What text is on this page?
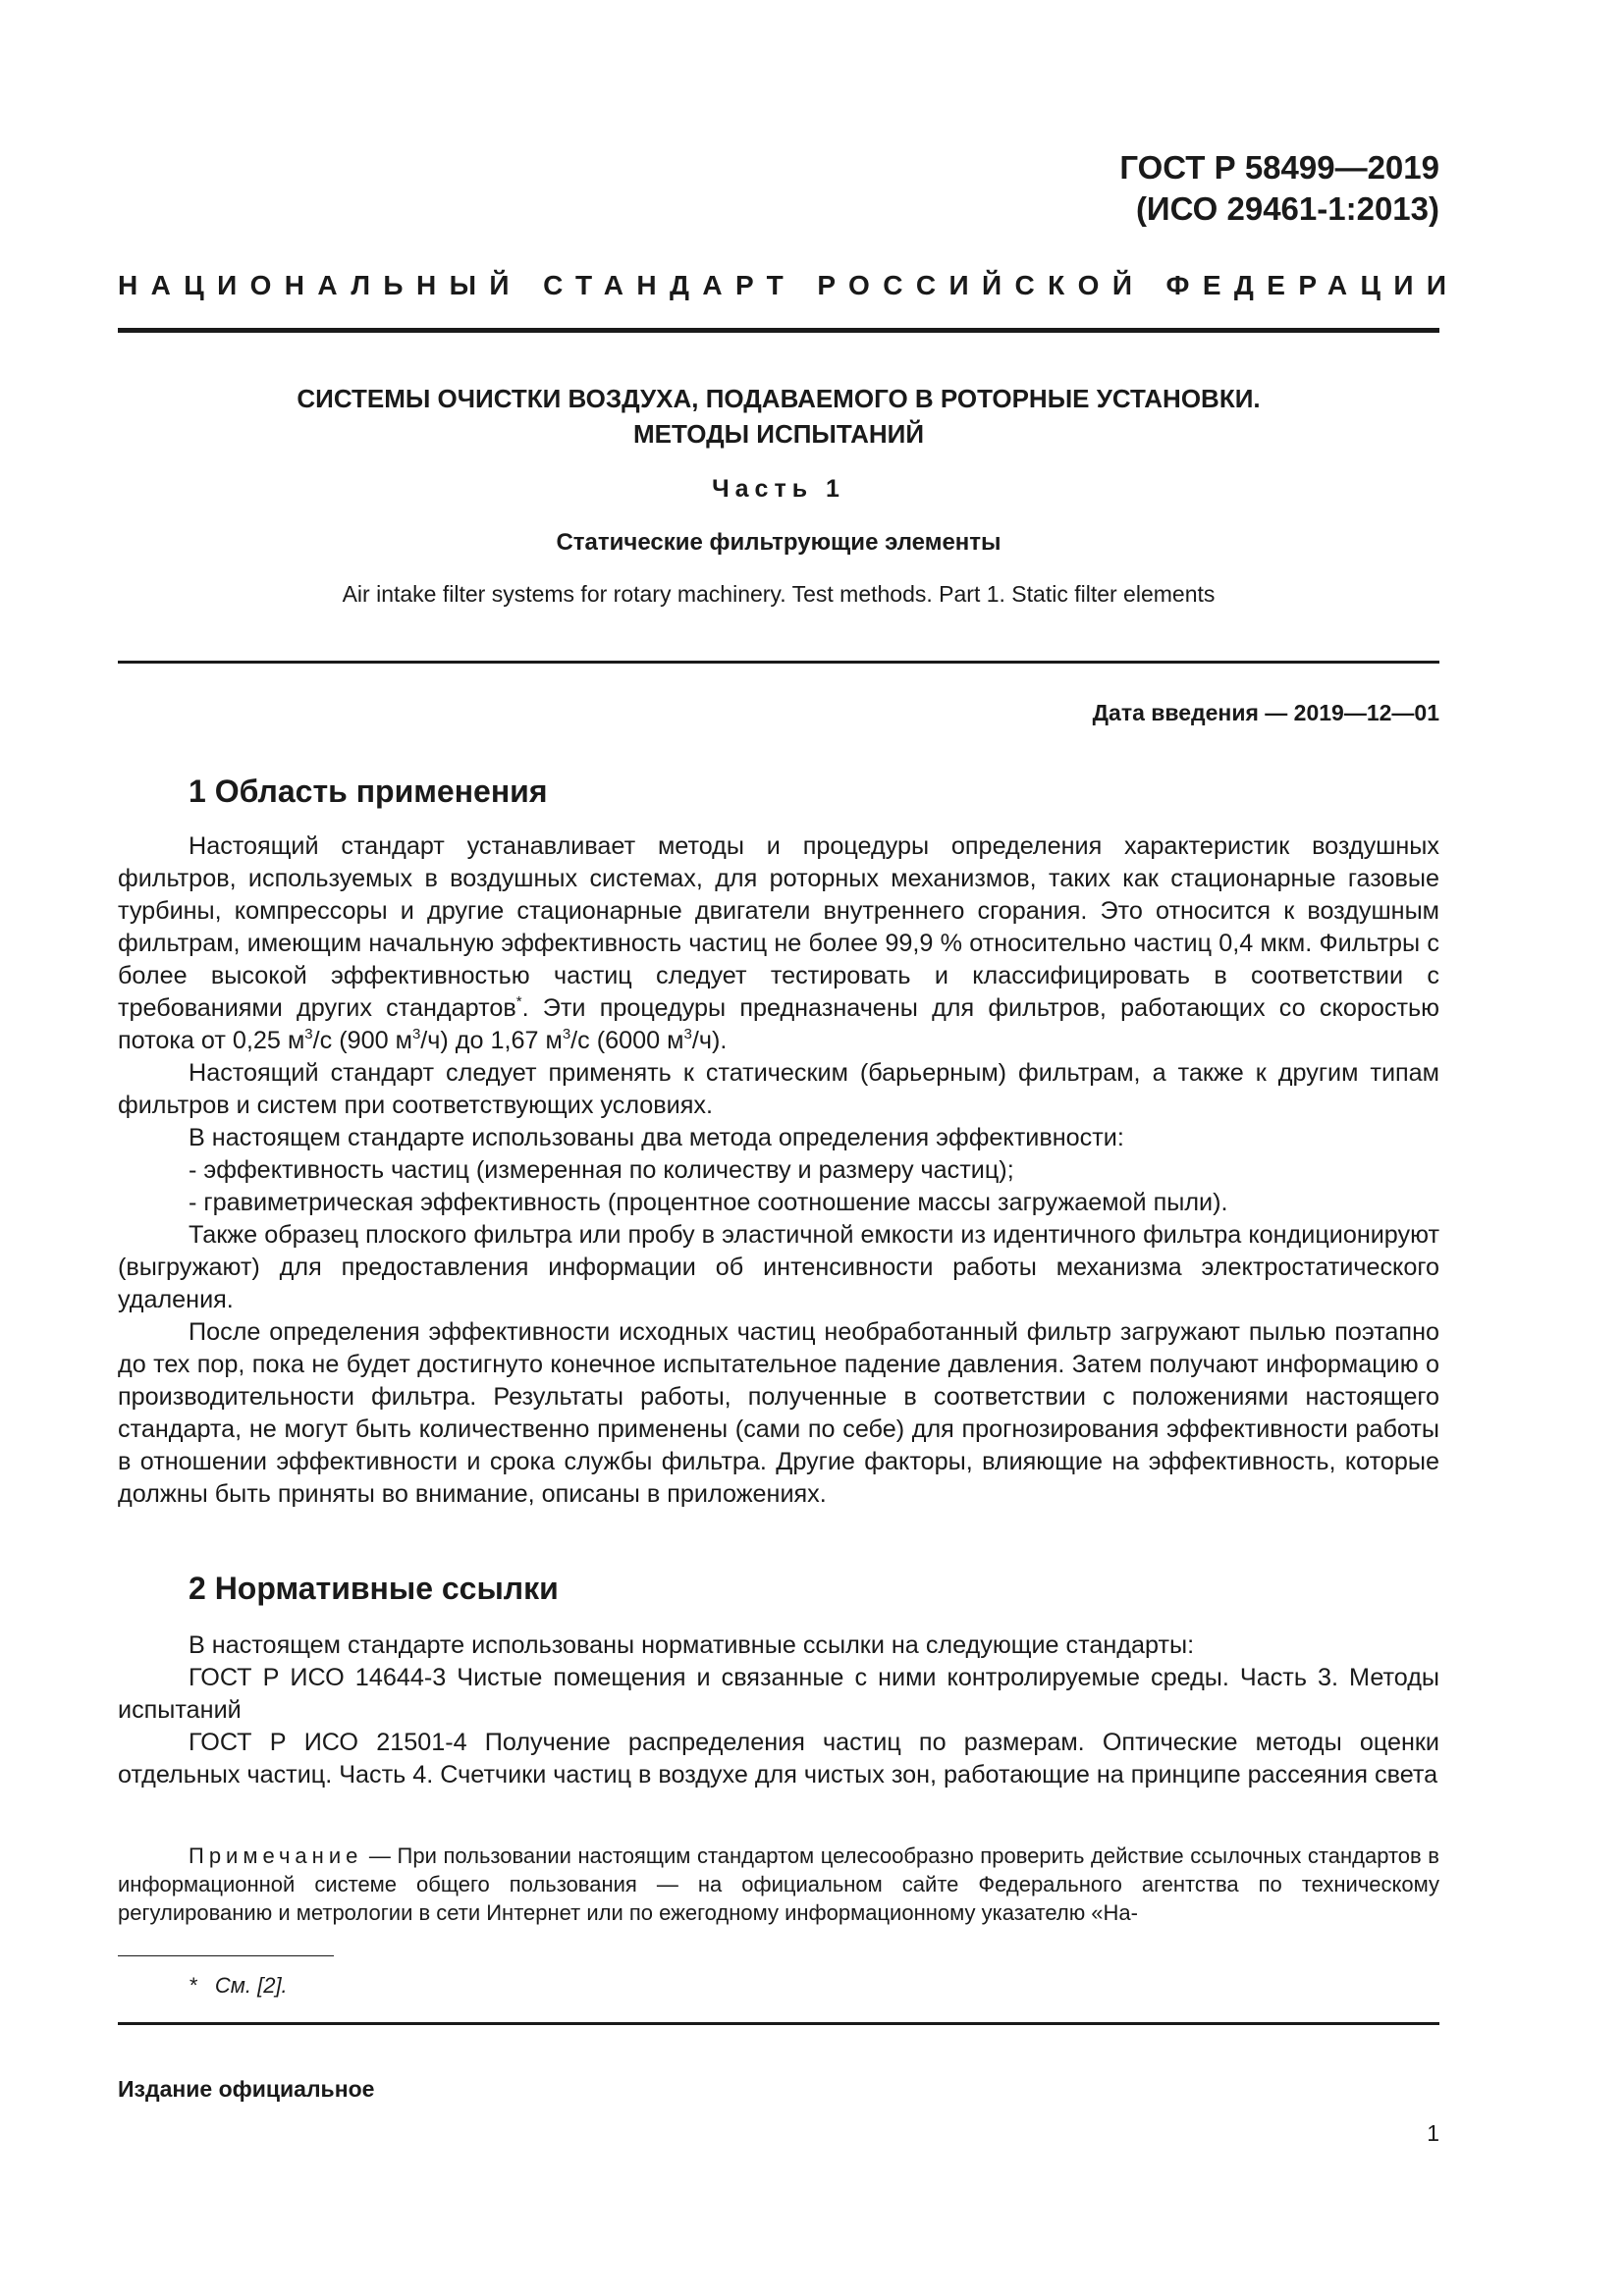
ГОСТ Р 58499—2019
(ИСО 29461-1:2013)
НАЦИОНАЛЬНЫЙ СТАНДАРТ РОССИЙСКОЙ ФЕДЕРАЦИИ
СИСТЕМЫ ОЧИСТКИ ВОЗДУХА, ПОДАВАЕМОГО В РОТОРНЫЕ УСТАНОВКИ.
МЕТОДЫ ИСПЫТАНИЙ
Часть 1
Статические фильтрующие элементы
Air intake filter systems for rotary machinery. Test methods. Part 1. Static filter elements
Дата введения — 2019—12—01
1 Область применения

Настоящий стандарт устанавливает методы и процедуры определения характеристик воздушных фильтров, используемых в воздушных системах, для роторных механизмов, таких как стационарные газовые турбины, компрессоры и другие стационарные двигатели внутреннего сгорания. Это относится к воздушным фильтрам, имеющим начальную эффективность частиц не более 99,9 % относительно частиц 0,4 мкм. Фильтры с более высокой эффективностью частиц следует тестировать и классифицировать в соответствии с требованиями других стандартов*. Эти процедуры предназначены для фильтров, работающих со скоростью потока от 0,25 $м^3/с$ (900 $м^3/ч$) до 1,67 $м^3/с$ (6000 $м^3/ч$).

Настоящий стандарт следует применять к статическим (барьерным) фильтрам, а также к другим типам фильтров и систем при соответствующих условиях.

В настоящем стандарте использованы два метода определения эффективности:

- эффективность частиц (измеренная по количеству и размеру частиц);

- гравиметрическая эффективность (процентное соотношение массы загружаемой пыли).

Также образец плоского фильтра или пробу в эластичной емкости из идентичного фильтра кондиционируют (выгружают) для предоставления информации об интенсивности работы механизма электростатического удаления.

После определения эффективности исходных частиц необработанный фильтр загружают пылью поэтапно до тех пор, пока не будет достигнуто конечное испытательное падение давления. Затем получают информацию о производительности фильтра. Результаты работы, полученные в соответствии с положениями настоящего стандарта, не могут быть количественно применены (сами по себе) для прогнозирования эффективности работы в отношении эффективности и срока службы фильтра. Другие факторы, влияющие на эффективность, которые должны быть приняты во внимание, описаны в приложениях.

2 Нормативные ссылки

В настоящем стандарте использованы нормативные ссылки на следующие стандарты:

ГОСТ Р ИСО 14644-3 Чистые помещения и связанные с ними контролируемые среды. Часть 3. Методы испытаний

ГОСТ Р ИСО 21501-4 Получение распределения частиц по размерам. Оптические методы оценки отдельных частиц. Часть 4. Счетчики частиц в воздухе для чистых зон, работающие на принципе рассеяния света

Примечание — При пользовании настоящим стандартом целесообразно проверить действие ссылочных стандартов в информационной системе общего пользования — на официальном сайте Федерального агентства по техническому регулированию и метрологии в сети Интернет или по ежегодному информационному указателю «На-

*   См. [2].
Издание официальное
1
